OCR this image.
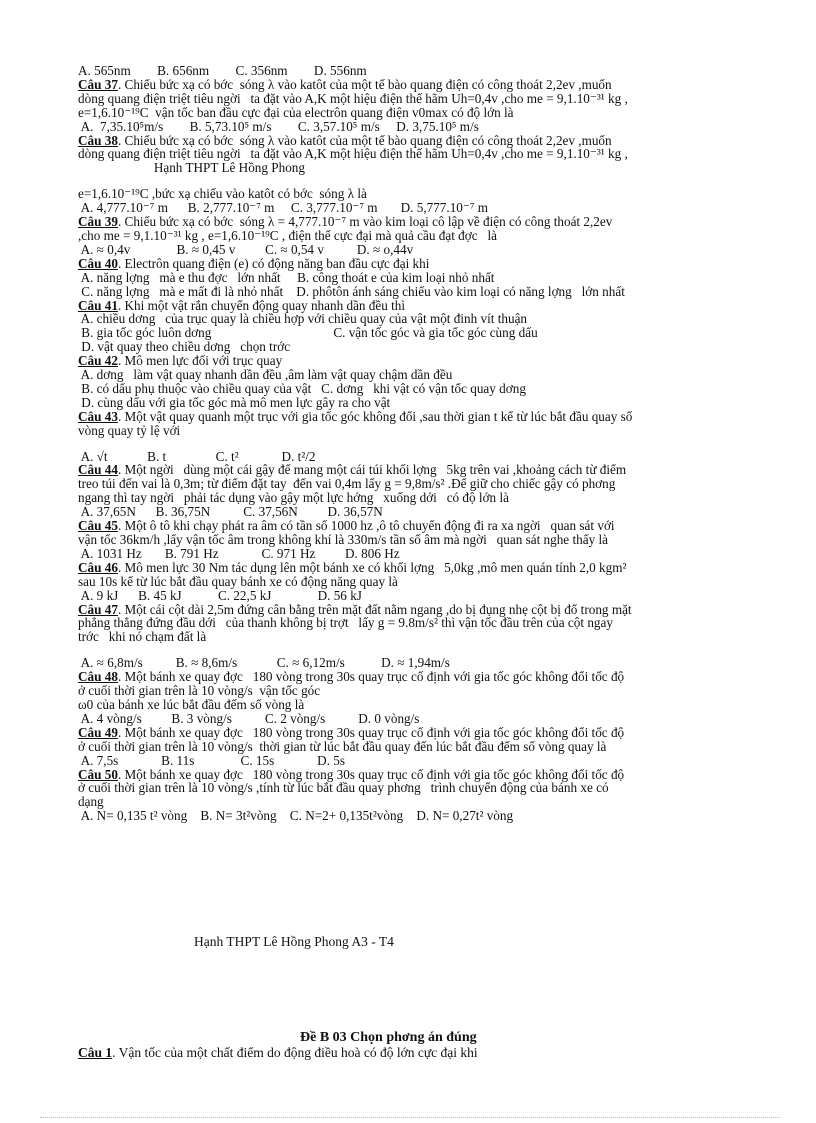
A. 565nm        B. 656nm        C. 356nm        D. 556nm
Câu 37. Chiếu bức xạ có bớc  sóng λ vào katôt của một tế bào quang điện có công thoát 2,2ev ,muốn
dòng quang điện triệt tiêu ngời   ta đặt vào A,K một hiệu điện thế hãm Uh=0,4v ,cho me = 9,1.10⁻³¹ kg ,
e=1,6.10⁻¹⁹C  vận tốc ban đầu cực đại của electrôn quang điện v0max có độ lớn là
A.  7,35.10⁵m/s        B. 5,73.10⁵ m/s        C. 3,57.10⁵ m/s     D. 3,75.10⁵ m/s
Câu 38. Chiếu bức xạ có bớc  sóng λ vào katôt của một tế bào quang điện có công thoát 2,2ev ,muốn
dòng quang điện triệt tiêu ngời   ta đặt vào A,K một hiệu điện thế hãm Uh=0,4v ,cho me = 9,1.10⁻³¹ kg ,
Hạnh THPT Lê Hồng Phong
e=1,6.10⁻¹⁹C ,bức xạ chiếu vào katôt có bớc  sóng λ là
A. 4,777.10⁻⁷ m      B. 2,777.10⁻⁷ m     C. 3,777.10⁻⁷ m       D. 5,777.10⁻⁷ m
Câu 39. Chiếu bức xạ có bớc  sóng λ = 4,777.10⁻⁷ m vào kim loại cô lập về điện có công thoát 2,2ev
,cho me = 9,1.10⁻³¹ kg , e=1,6.10⁻¹⁹C , điện thế cực đại mà quả cầu đạt đợc   là
A. ≈ 0,4v              B. ≈ 0,45 v         C. ≈ 0,54 v          D. ≈ o,44v
Câu 40. Electrôn quang điện (e) có động năng ban đầu cực đại khi
A. năng lợng   mà e thu đợc   lớn nhất     B. công thoát e của kim loại nhỏ nhất
C. năng lợng   mà e mất đi là nhỏ nhất    D. phôtôn ánh sáng chiếu vào kim loại có năng lợng   lớn nhất
Câu 41. Khi một vật rắn chuyển động quay nhanh dần đều thì
A. chiều dơng   của trục quay là chiều hợp với chiều quay của vật một đinh vít thuận
B. gia tốc góc luôn dơng                                     C. vận tốc góc và gia tốc góc cùng dấu
D. vật quay theo chiều dơng   chọn trớc
Câu 42. Mô men lực đối với trục quay
A. dơng   làm vật quay nhanh dần đều ,âm làm vật quay chậm dần đều
B. có dấu phụ thuộc vào chiều quay của vật   C. dơng   khi vật có vận tốc quay dơng
D. cùng dấu với gia tốc góc mà mô men lực gây ra cho vật
Câu 43. Một vật quay quanh một trục với gia tốc góc không đổi ,sau thời gian t kể từ lúc bắt đầu quay số
vòng quay tỷ lệ với
A. √t            B. t               C. t²             D. t²/2
Câu 44. Một ngời   dùng một cái gậy để mang một cái túi khối lợng   5kg trên vai ,khoảng cách từ điểm
treo túi đến vai là 0,3m; từ điểm đặt tay  đến vai 0,4m lấy g = 9,8m/s² .Để giữ cho chiếc gậy có phơng
ngang thì tay ngời   phải tác dụng vào gậy một lực hớng   xuống dới   có độ lớn là
A. 37,65N      B. 36,75N          C. 37,56N         D. 36,57N
Câu 45. Một ô tô khi chạy phát ra âm có tần số 1000 hz ,ô tô chuyển động đi ra xa ngời   quan sát với
vận tốc 36km/h ,lấy vận tốc âm trong không khí là 330m/s tần số âm mà ngời   quan sát nghe thấy là
A. 1031 Hz       B. 791 Hz             C. 971 Hz         D. 806 Hz
Câu 46. Mô men lực 30 Nm tác dụng lên một bánh xe có khối lợng   5,0kg ,mô men quán tính 2,0 kgm²
sau 10s kể từ lúc bắt đầu quay bánh xe có động năng quay là
A. 9 kJ      B. 45 kJ           C. 22,5 kJ              D. 56 kJ
Câu 47. Một cái cột dài 2,5m đứng cân bằng trên mặt đất nằm ngang ,do bị đụng nhẹ cột bị đổ trong mặt
phẳng thẳng đứng đầu dới   của thanh không bị trợt   lấy g = 9.8m/s² thì vận tốc đầu trên của cột ngay
trớc   khi nó chạm đất là
A. ≈ 6,8m/s          B. ≈ 8,6m/s            C. ≈ 6,12m/s           D. ≈ 1,94m/s
Câu 48. Một bánh xe quay đợc   180 vòng trong 30s quay trục cố định với gia tốc góc không đổi tốc độ
ở cuối thời gian trên là 10 vòng/s  vận tốc góc
ω0 của bánh xe lúc bắt đầu đếm số vòng là
A. 4 vòng/s         B. 3 vòng/s          C. 2 vòng/s          D. 0 vòng/s
Câu 49. Một bánh xe quay đợc   180 vòng trong 30s quay trục cố định với gia tốc góc không đổi tốc độ
ở cuối thời gian trên là 10 vòng/s  thời gian từ lúc bắt đầu quay đến lúc bắt đầu đếm số vòng quay là
A. 7,5s             B. 11s              C. 15s             D. 5s
Câu 50. Một bánh xe quay đợc   180 vòng trong 30s quay trục cố định với gia tốc góc không đổi tốc độ
ở cuối thời gian trên là 10 vòng/s ,tính từ lúc bắt đầu quay phơng   trình chuyển động của bánh xe có
dạng
A. N= 0,135 t² vòng    B. N= 3t²vòng    C. N=2+ 0,135t²vòng    D. N= 0,27t² vòng
Hạnh THPT Lê Hồng Phong A3 - T4
Đề B 03 Chọn phơng án đúng
Câu 1. Vận tốc của một chất điểm do động điều hoà có độ lớn cực đại khi
